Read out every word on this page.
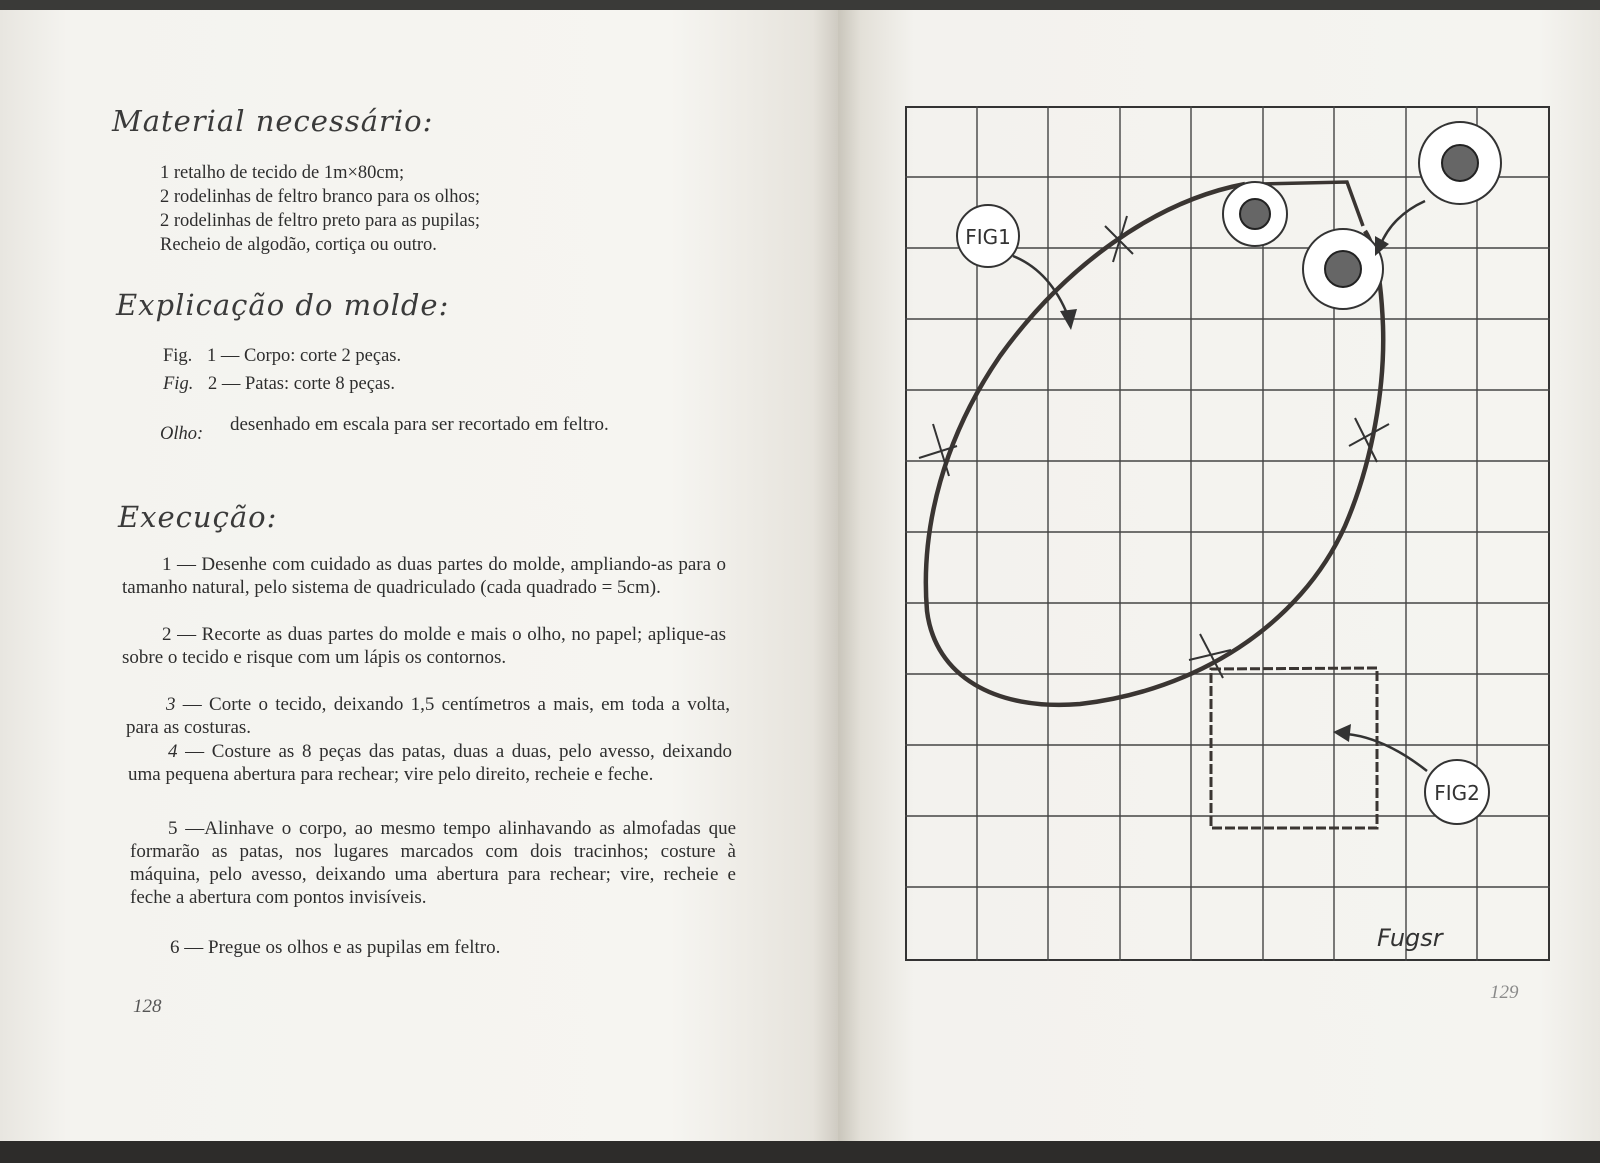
Material necessário:

1 retalho de tecido de 1m×80cm;

2 rodelinhas de feltro branco para os olhos;

2 rodelinhas de feltro preto para as pupilas;

Recheio de algodão, cortiça ou outro.

Explicação do molde:

Fig. 1 — Corpo: corte 2 peças.

Fig. 2 — Patas: corte 8 peças.

Olho: desenhado em escala para ser recortado em feltro.

Execução:

1 — Desenhe com cuidado as duas partes do molde, ampliando-as para o tamanho natural, pelo sistema de quadriculado (cada quadrado = 5cm).

2 — Recorte as duas partes do molde e mais o olho, no papel; aplique-as sobre o tecido e risque com um lápis os contornos.

3 — Corte o tecido, deixando 1,5 centímetros a mais, em toda a volta, para as costuras.

4 — Costure as 8 peças das patas, duas a duas, pelo avesso, deixando uma pequena abertura para rechear; vire pelo direito, recheie e feche.

5 —Alinhave o corpo, ao mesmo tempo alinhavando as almofadas que formarão as patas, nos lugares marcados com dois tracinhos; costure à máquina, pelo avesso, deixando uma abertura para rechear; vire, recheie e feche a abertura com pontos invisíveis.

6 — Pregue os olhos e as pupilas em feltro.

128
FIG1
FIG2
Fugsr
129
